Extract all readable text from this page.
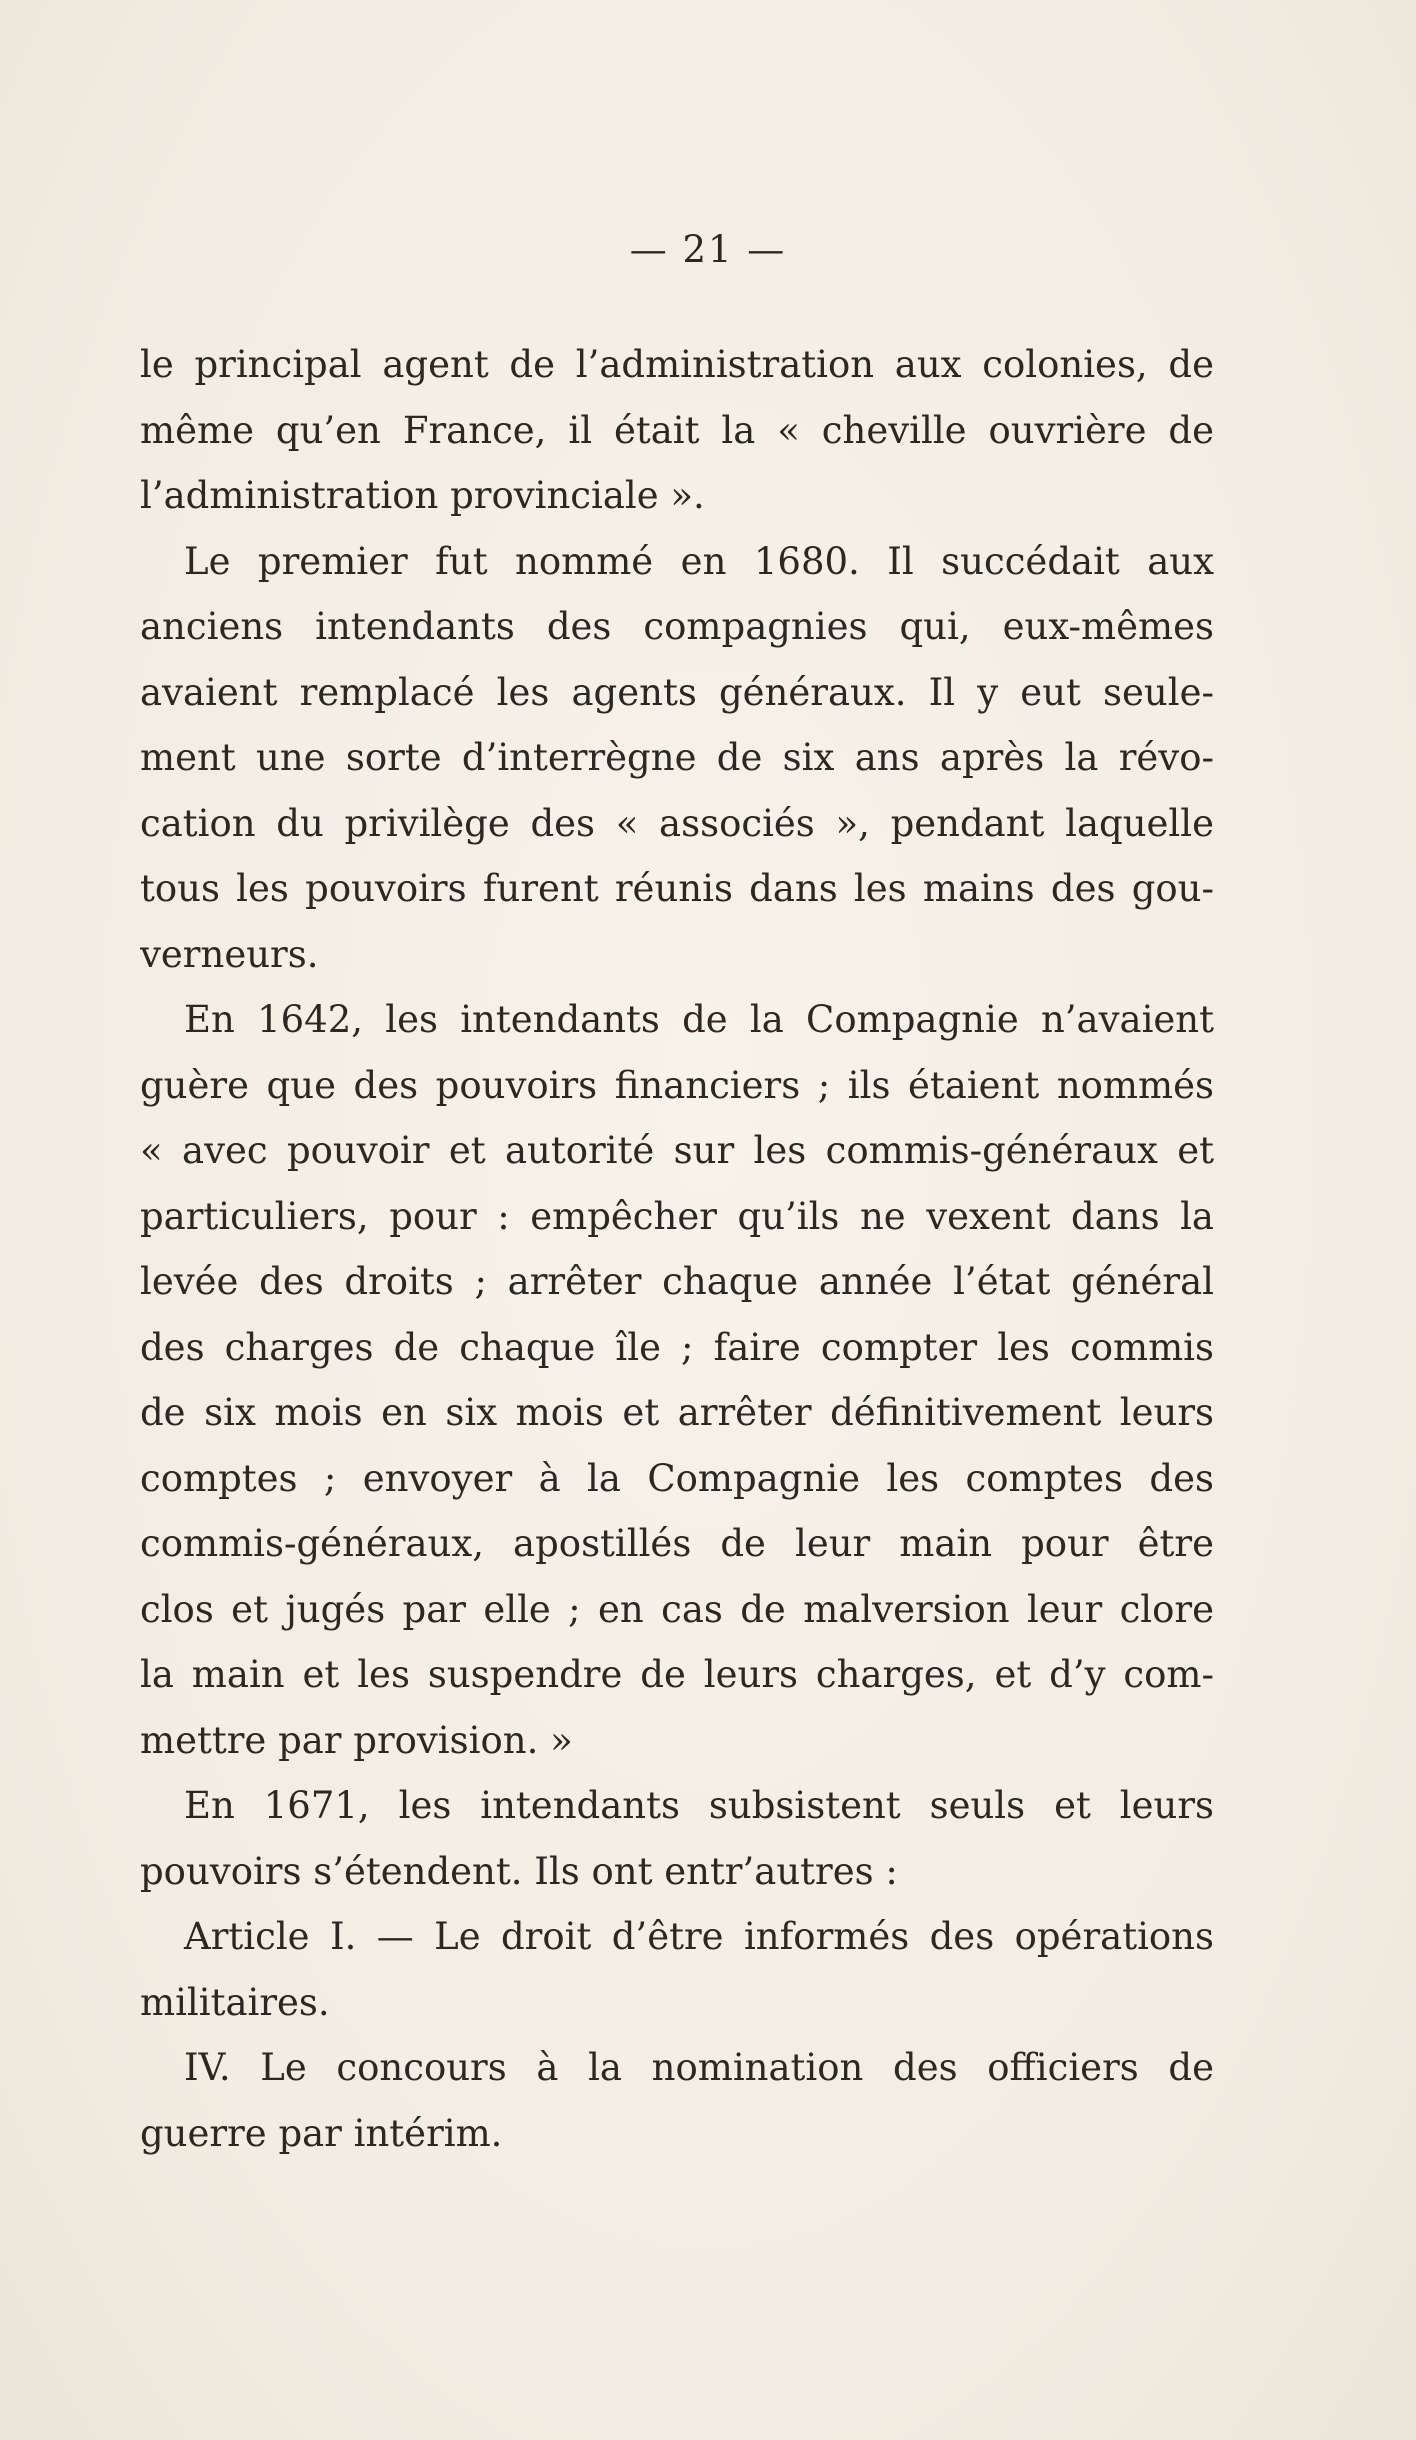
— 21 —
le principal agent de l’administration aux colonies, de
même qu’en France, il était la « cheville ouvrière de
l’administration provinciale ».
Le premier fut nommé en 1680. Il succédait aux
anciens intendants des compagnies qui, eux-mêmes
avaient remplacé les agents généraux. Il y eut seule-
ment une sorte d’interrègne de six ans après la révo-
cation du privilège des « associés », pendant laquelle
tous les pouvoirs furent réunis dans les mains des gou-
verneurs.
En 1642, les intendants de la Compagnie n’avaient
guère que des pouvoirs financiers ; ils étaient nommés
« avec pouvoir et autorité sur les commis-généraux et
particuliers, pour : empêcher qu’ils ne vexent dans la
levée des droits ; arrêter chaque année l’état général
des charges de chaque île ; faire compter les commis
de six mois en six mois et arrêter définitivement leurs
comptes ; envoyer à la Compagnie les comptes des
commis-généraux, apostillés de leur main pour être
clos et jugés par elle ; en cas de malversion leur clore
la main et les suspendre de leurs charges, et d’y com-
mettre par provision. »
En 1671, les intendants subsistent seuls et leurs
pouvoirs s’étendent. Ils ont entr’autres :
Article I. — Le droit d’être informés des opérations
militaires.
IV. Le concours à la nomination des officiers de
guerre par intérim.
